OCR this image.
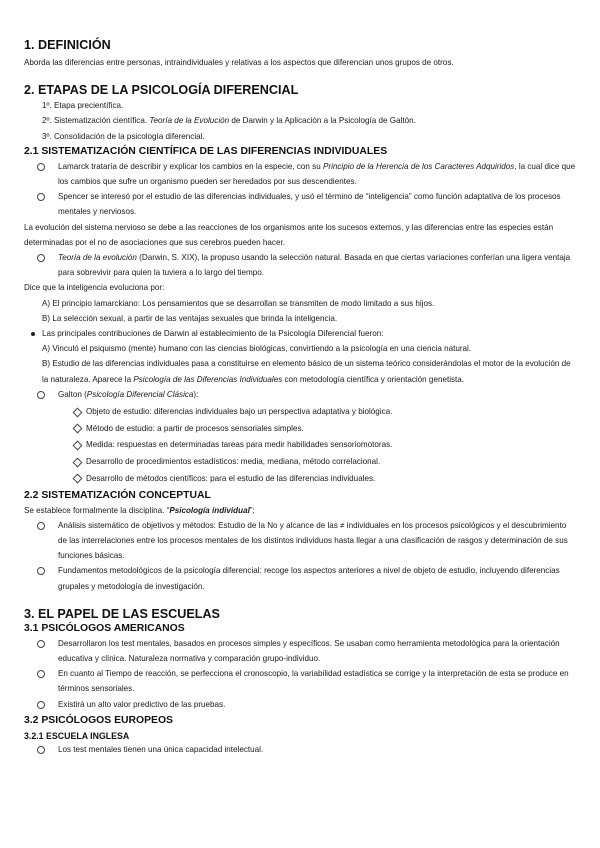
1. DEFINICIÓN
Aborda las diferencias entre personas, intraindividuales y relativas a los aspectos que diferencian unos grupos de otros.
2. ETAPAS DE LA PSICOLOGÍA DIFERENCIAL
1º. Etapa precientífica.
2º. Sistematización científica. Teoría de la Evolución de Darwin y la Aplicación a la Psicología de Galtón.
3º. Consolidación de la psicología diferencial.
2.1 SISTEMATIZACIÓN CIENTÍFICA DE LAS DIFERENCIAS INDIVIDUALES
Lamarck trataría de describir y explicar los cambios en la especie, con su Principio de la Herencia de los Caracteres Adquiridos, la cual dice que los cambios que sufre un organismo pueden ser heredados por sus descendientes.
Spencer se interesó por el estudio de las diferencias individuales, y usó el término de “inteligencia” como función adaptativa de los procesos mentales y nerviosos.
La evolución del sistema nervioso se debe a las reacciones de los organismos ante los sucesos externos, y las diferencias entre las especies están determinadas por el no de asociaciones que sus cerebros pueden hacer.
Teoría de la evolución (Darwin, S. XIX), la propuso usando la selección natural. Basada en que ciertas variaciones conferían una ligera ventaja para sobrevivir para quien la tuviera a lo largo del tiempo.
Dice que la inteligencia evoluciona por:
A) El principio lamarckiano: Los pensamientos que se desarrollan se transmiten de modo limitado a sus hijos.
B) La selección sexual, a partir de las ventajas sexuales que brinda la inteligencia.
Las principales contribuciones de Darwin al establecimiento de la Psicología Diferencial fueron:
A) Vinculó el psiquismo (mente) humano con las ciencias biológicas, convirtiendo a la psicología en una ciencia natural.
B) Estudio de las diferencias individuales pasa a constituirse en elemento básico de un sistema teórico considerándolas el motor de la evolución de la naturaleza. Aparece la Psicología de las Diferencias Individuales con metodología científica y orientación genetista.
Galton (Psicología Diferencial Clásica):
Objeto de estudio: diferencias individuales bajo un perspectiva adaptativa y biológica.
Método de estudio: a partir de procesos sensoriales simples.
Medida: respuestas en determinadas tareas para medir habilidades sensoriomotoras.
Desarrollo de procedimientos estadísticos: media, mediana, método correlacional.
Desarrollo de métodos científicos: para el estudio de las diferencias individuales.
2.2 SISTEMATIZACIÓN CONCEPTUAL
Se establece formalmente la disciplina. “Psicología individual”;
Análisis sistemático de objetivos y métodos: Estudio de la No y alcance de las ≠ individuales en los procesos psicológicos y el descubrimiento de las interrelaciones entre los procesos mentales de los distintos individuos hasta llegar a una clasificación de rasgos y determinación de sus funciones básicas.
Fundamentos metodológicos de la psicología diferencial: recoge los aspectos anteriores a nivel de objeto de estudio, incluyendo diferencias grupales y metodología de investigación.
3. EL PAPEL DE LAS ESCUELAS
3.1 PSICÓLOGOS AMERICANOS
Desarrollaron los test mentales, basados en procesos simples y específicos. Se usaban como herramienta metodológica para la orientación educativa y clínica. Naturaleza normativa y comparación grupo-individuo.
En cuanto al Tiempo de reacción, se perfecciona el cronoscopio, la variabilidad estadística se corrige y la interpretación de esta se produce en términos sensoriales.
Existirá un alto valor predictivo de las pruebas.
3.2 PSICÓLOGOS EUROPEOS
3.2.1 ESCUELA INGLESA
Los test mentales tienen una única capacidad intelectual.
